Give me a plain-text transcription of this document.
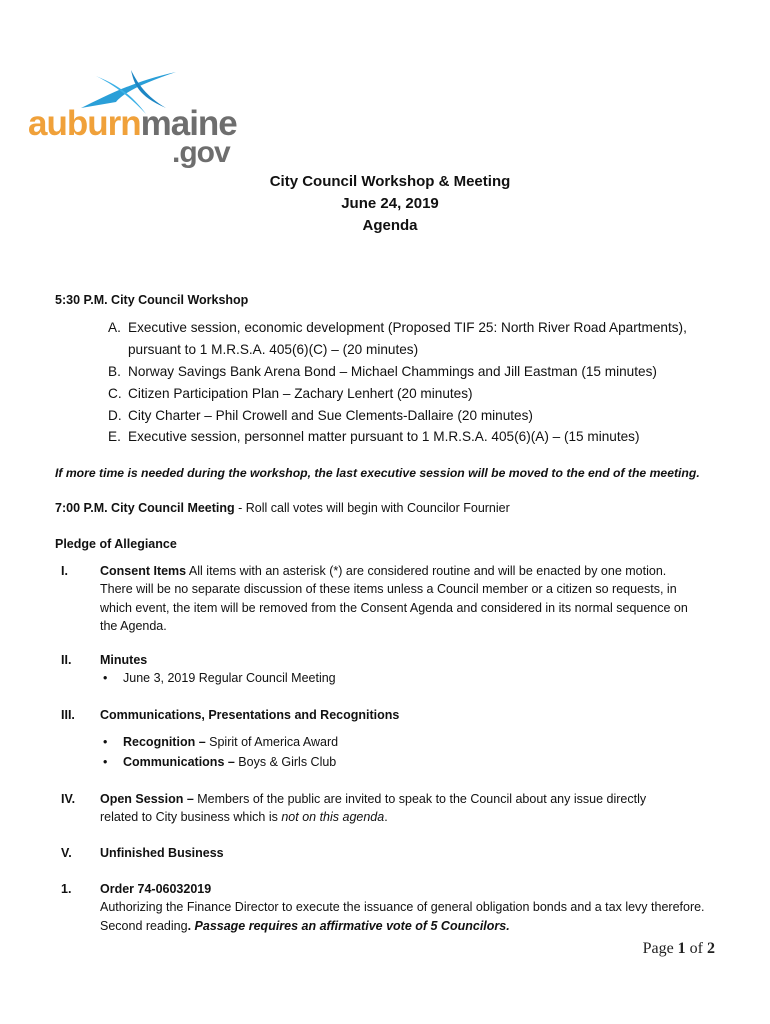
auburnmaine
.gov
City Council Workshop & Meeting
June 24, 2019
Agenda
5:30 P.M. City Council Workshop
A. Executive session, economic development (Proposed TIF 25: North River Road Apartments),
pursuant to 1 M.R.S.A. 405(6)(C) – (20 minutes)
B. Norway Savings Bank Arena Bond – Michael Chammings and Jill Eastman (15 minutes)
C. Citizen Participation Plan – Zachary Lenhert (20 minutes)
D. City Charter – Phil Crowell and Sue Clements-Dallaire (20 minutes)
E. Executive session, personnel matter pursuant to 1 M.R.S.A. 405(6)(A) – (15 minutes)
If more time is needed during the workshop, the last executive session will be moved to the end of the meeting.
7:00 P.M. City Council Meeting - Roll call votes will begin with Councilor Fournier
Pledge of Allegiance
I.	Consent Items All items with an asterisk (*) are considered routine and will be enacted by one motion.
There will be no separate discussion of these items unless a Council member or a citizen so requests, in
which event, the item will be removed from the Consent Agenda and considered in its normal sequence on
the Agenda.
II. Minutes
• June 3, 2019 Regular Council Meeting
III. Communications, Presentations and Recognitions
• Recognition – Spirit of America Award
• Communications – Boys & Girls Club
IV. Open Session – Members of the public are invited to speak to the Council about any issue directly
related to City business which is not on this agenda.
V. Unfinished Business
1. Order 74-06032019
Authorizing the Finance Director to execute the issuance of general obligation bonds and a tax levy therefore.
Second reading. Passage requires an affirmative vote of 5 Councilors.
Page 1 of 2
